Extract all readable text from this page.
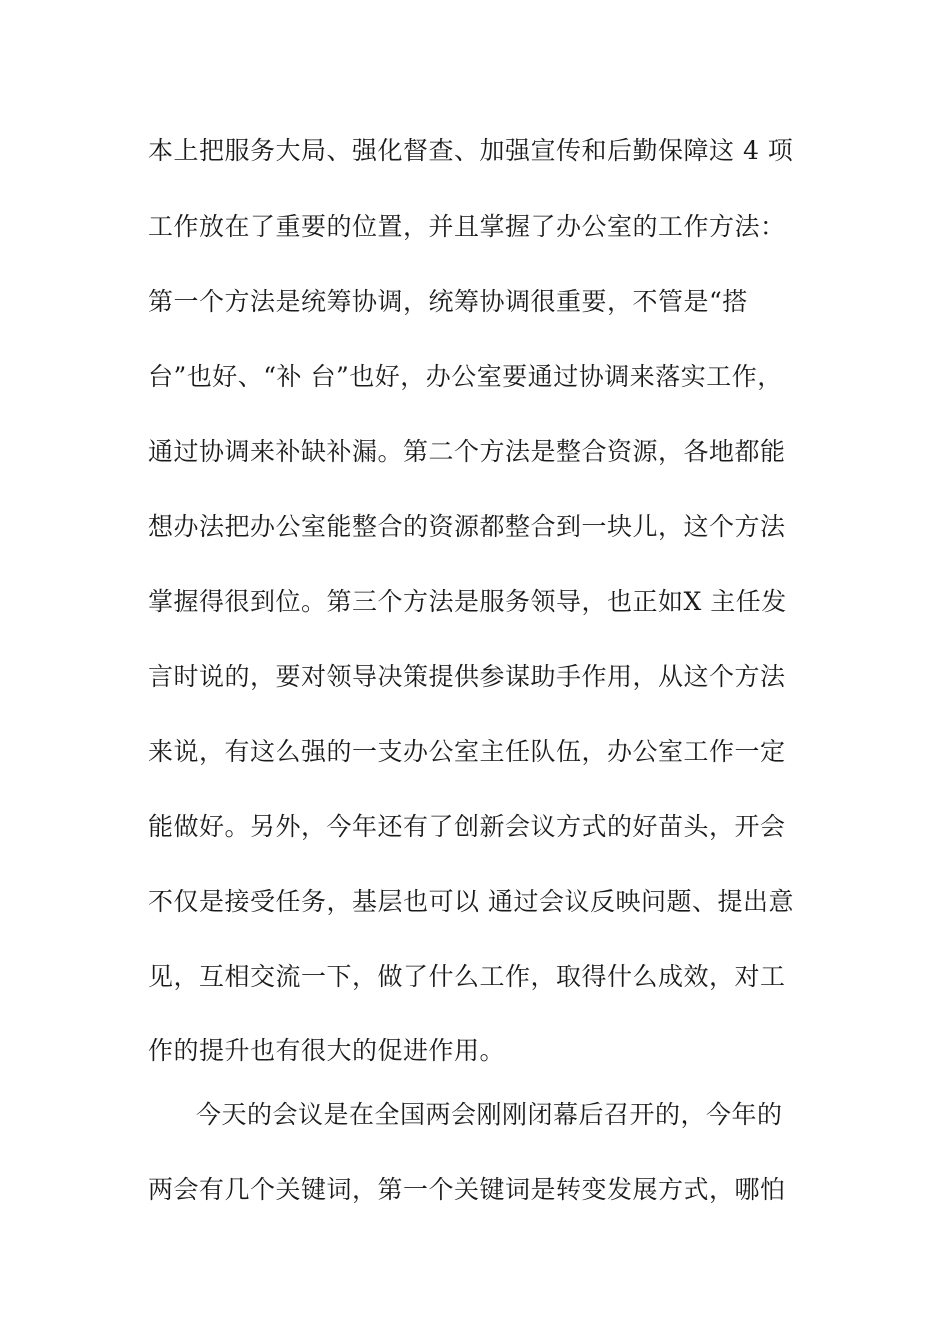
本上把服务大局、强化督查、加强宣传和后勤保障这 4 项
工作放在了重要的位置，并且掌握了办公室的工作方法：
第一个方法是统筹协调，统筹协调很重要，不管是“搭
台”也好、“补 台”也好，办公室要通过协调来落实工作，
通过协调来补缺补漏。第二个方法是整合资源，各地都能
想办法把办公室能整合的资源都整合到一块儿，这个方法
掌握得很到位。第三个方法是服务领导，也正如X 主任发
言时说的，要对领导决策提供参谋助手作用，从这个方法
来说，有这么强的一支办公室主任队伍，办公室工作一定
能做好。另外，今年还有了创新会议方式的好苗头，开会
不仅是接受任务，基层也可以 通过会议反映问题、提出意
见，互相交流一下，做了什么工作，取得什么成效，对工
作的提升也有很大的促进作用。
今天的会议是在全国两会刚刚闭幕后召开的，今年的
两会有几个关键词，第一个关键词是转变发展方式，哪怕
